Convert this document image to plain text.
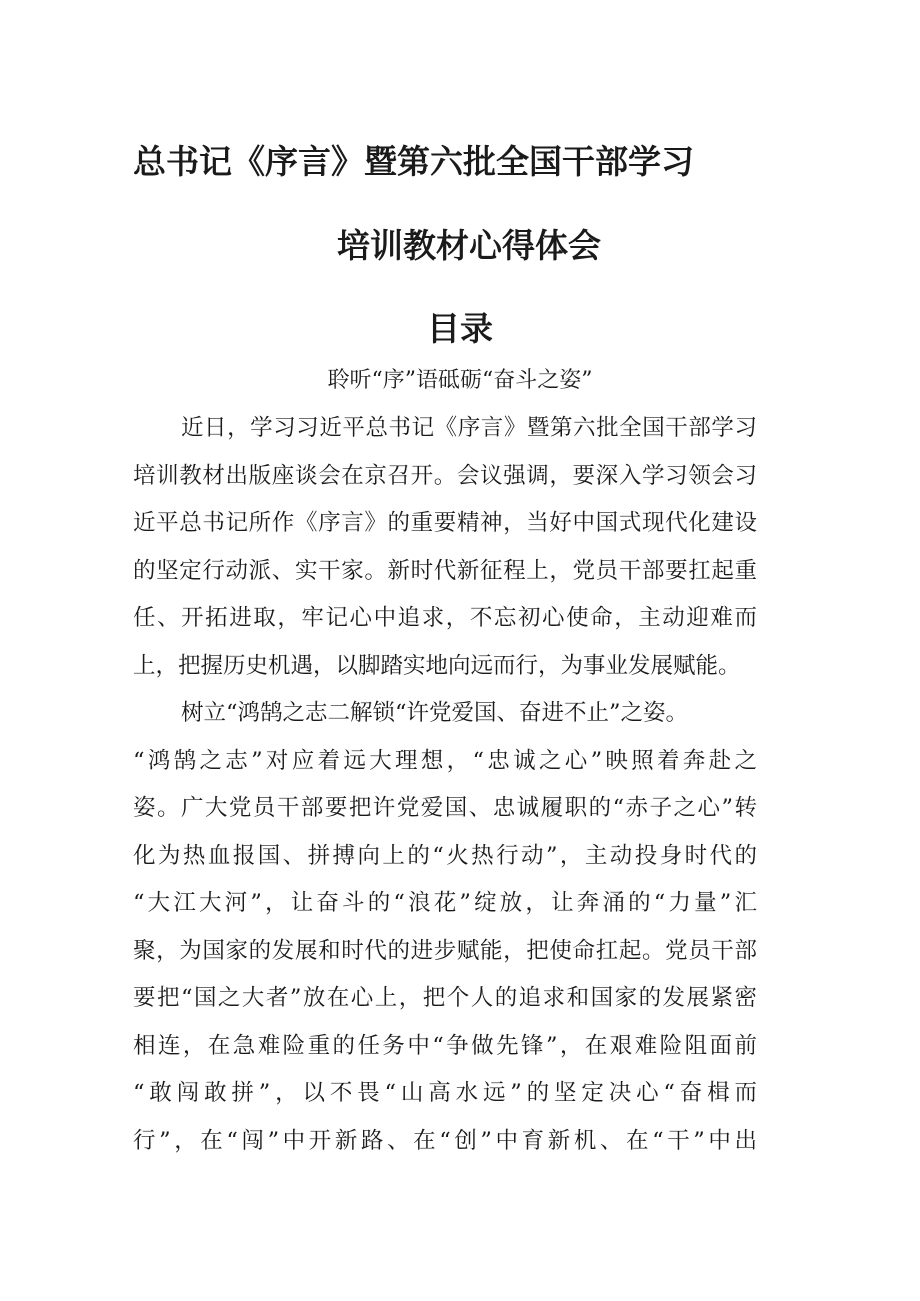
总书记《序言》暨第六批全国干部学习
培训教材心得体会
目录
聆听“序”语砥砺“奋斗之姿”
近日，学习习近平总书记《序言》暨第六批全国干部学习
培训教材出版座谈会在京召开。会议强调，要深入学习领会习
近平总书记所作《序言》的重要精神，当好中国式现代化建设
的坚定行动派、实干家。新时代新征程上，党员干部要扛起重
任、开拓进取，牢记心中追求，不忘初心使命，主动迎难而
上，把握历史机遇，以脚踏实地向远而行，为事业发展赋能。
树立“鸿鹄之志二解锁“许党爱国、奋进不止”之姿。
“鸿鹄之志”对应着远大理想，“忠诚之心”映照着奔赴之
姿。广大党员干部要把许党爱国、忠诚履职的“赤子之心”转
化为热血报国、拼搏向上的“火热行动”，主动投身时代的
“大江大河”，让奋斗的“浪花”绽放，让奔涌的“力量”汇
聚，为国家的发展和时代的进步赋能，把使命扛起。党员干部
要把“国之大者”放在心上，把个人的追求和国家的发展紧密
相连，在急难险重的任务中“争做先锋”，在艰难险阻面前
“敢闯敢拼”，以不畏“山高水远”的坚定决心“奋楫而
行”，在“闯”中开新路、在“创”中育新机、在“干”中出
